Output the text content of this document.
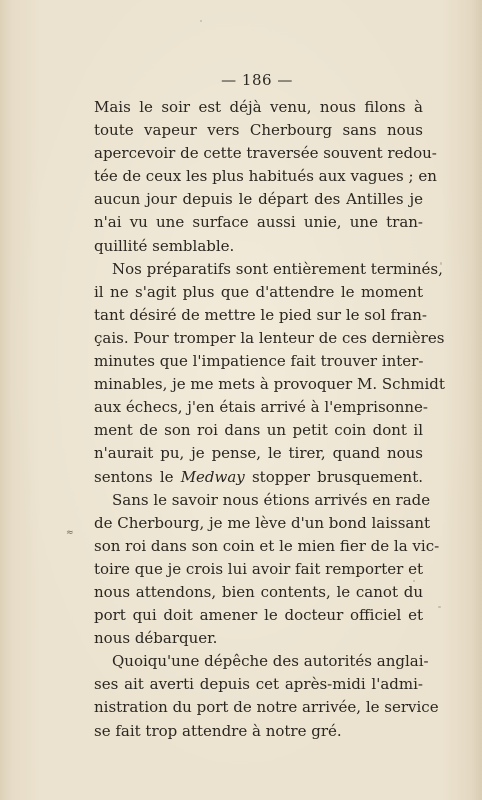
— 186 —
≈
Mais le soir est déjà venu, nous filons à
toute vapeur vers Cherbourg sans nous
apercevoir de cette traversée souvent redou-
tée de ceux les plus habitués aux vagues ; en
aucun jour depuis le départ des Antilles je
n'ai vu une surface aussi unie, une tran-
quillité semblable.
Nos préparatifs sont entièrement terminés,
il ne s'agit plus que d'attendre le moment
tant désiré de mettre le pied sur le sol fran-
çais. Pour tromper la lenteur de ces dernières
minutes que l'impatience fait trouver inter-
minables, je me mets à provoquer M. Schmidt
aux échecs, j'en étais arrivé à l'emprisonne-
ment de son roi dans un petit coin dont il
n'aurait pu, je pense, le tirer, quand nous
sentons le Medway stopper brusquement.
Sans le savoir nous étions arrivés en rade
de Cherbourg, je me lève d'un bond laissant
son roi dans son coin et le mien fier de la vic-
toire que je crois lui avoir fait remporter et
nous attendons, bien contents, le canot du
port qui doit amener le docteur officiel et
nous débarquer.
Quoiqu'une dépêche des autorités anglai-
ses ait averti depuis cet après-midi l'admi-
nistration du port de notre arrivée, le service
se fait trop attendre à notre gré.
